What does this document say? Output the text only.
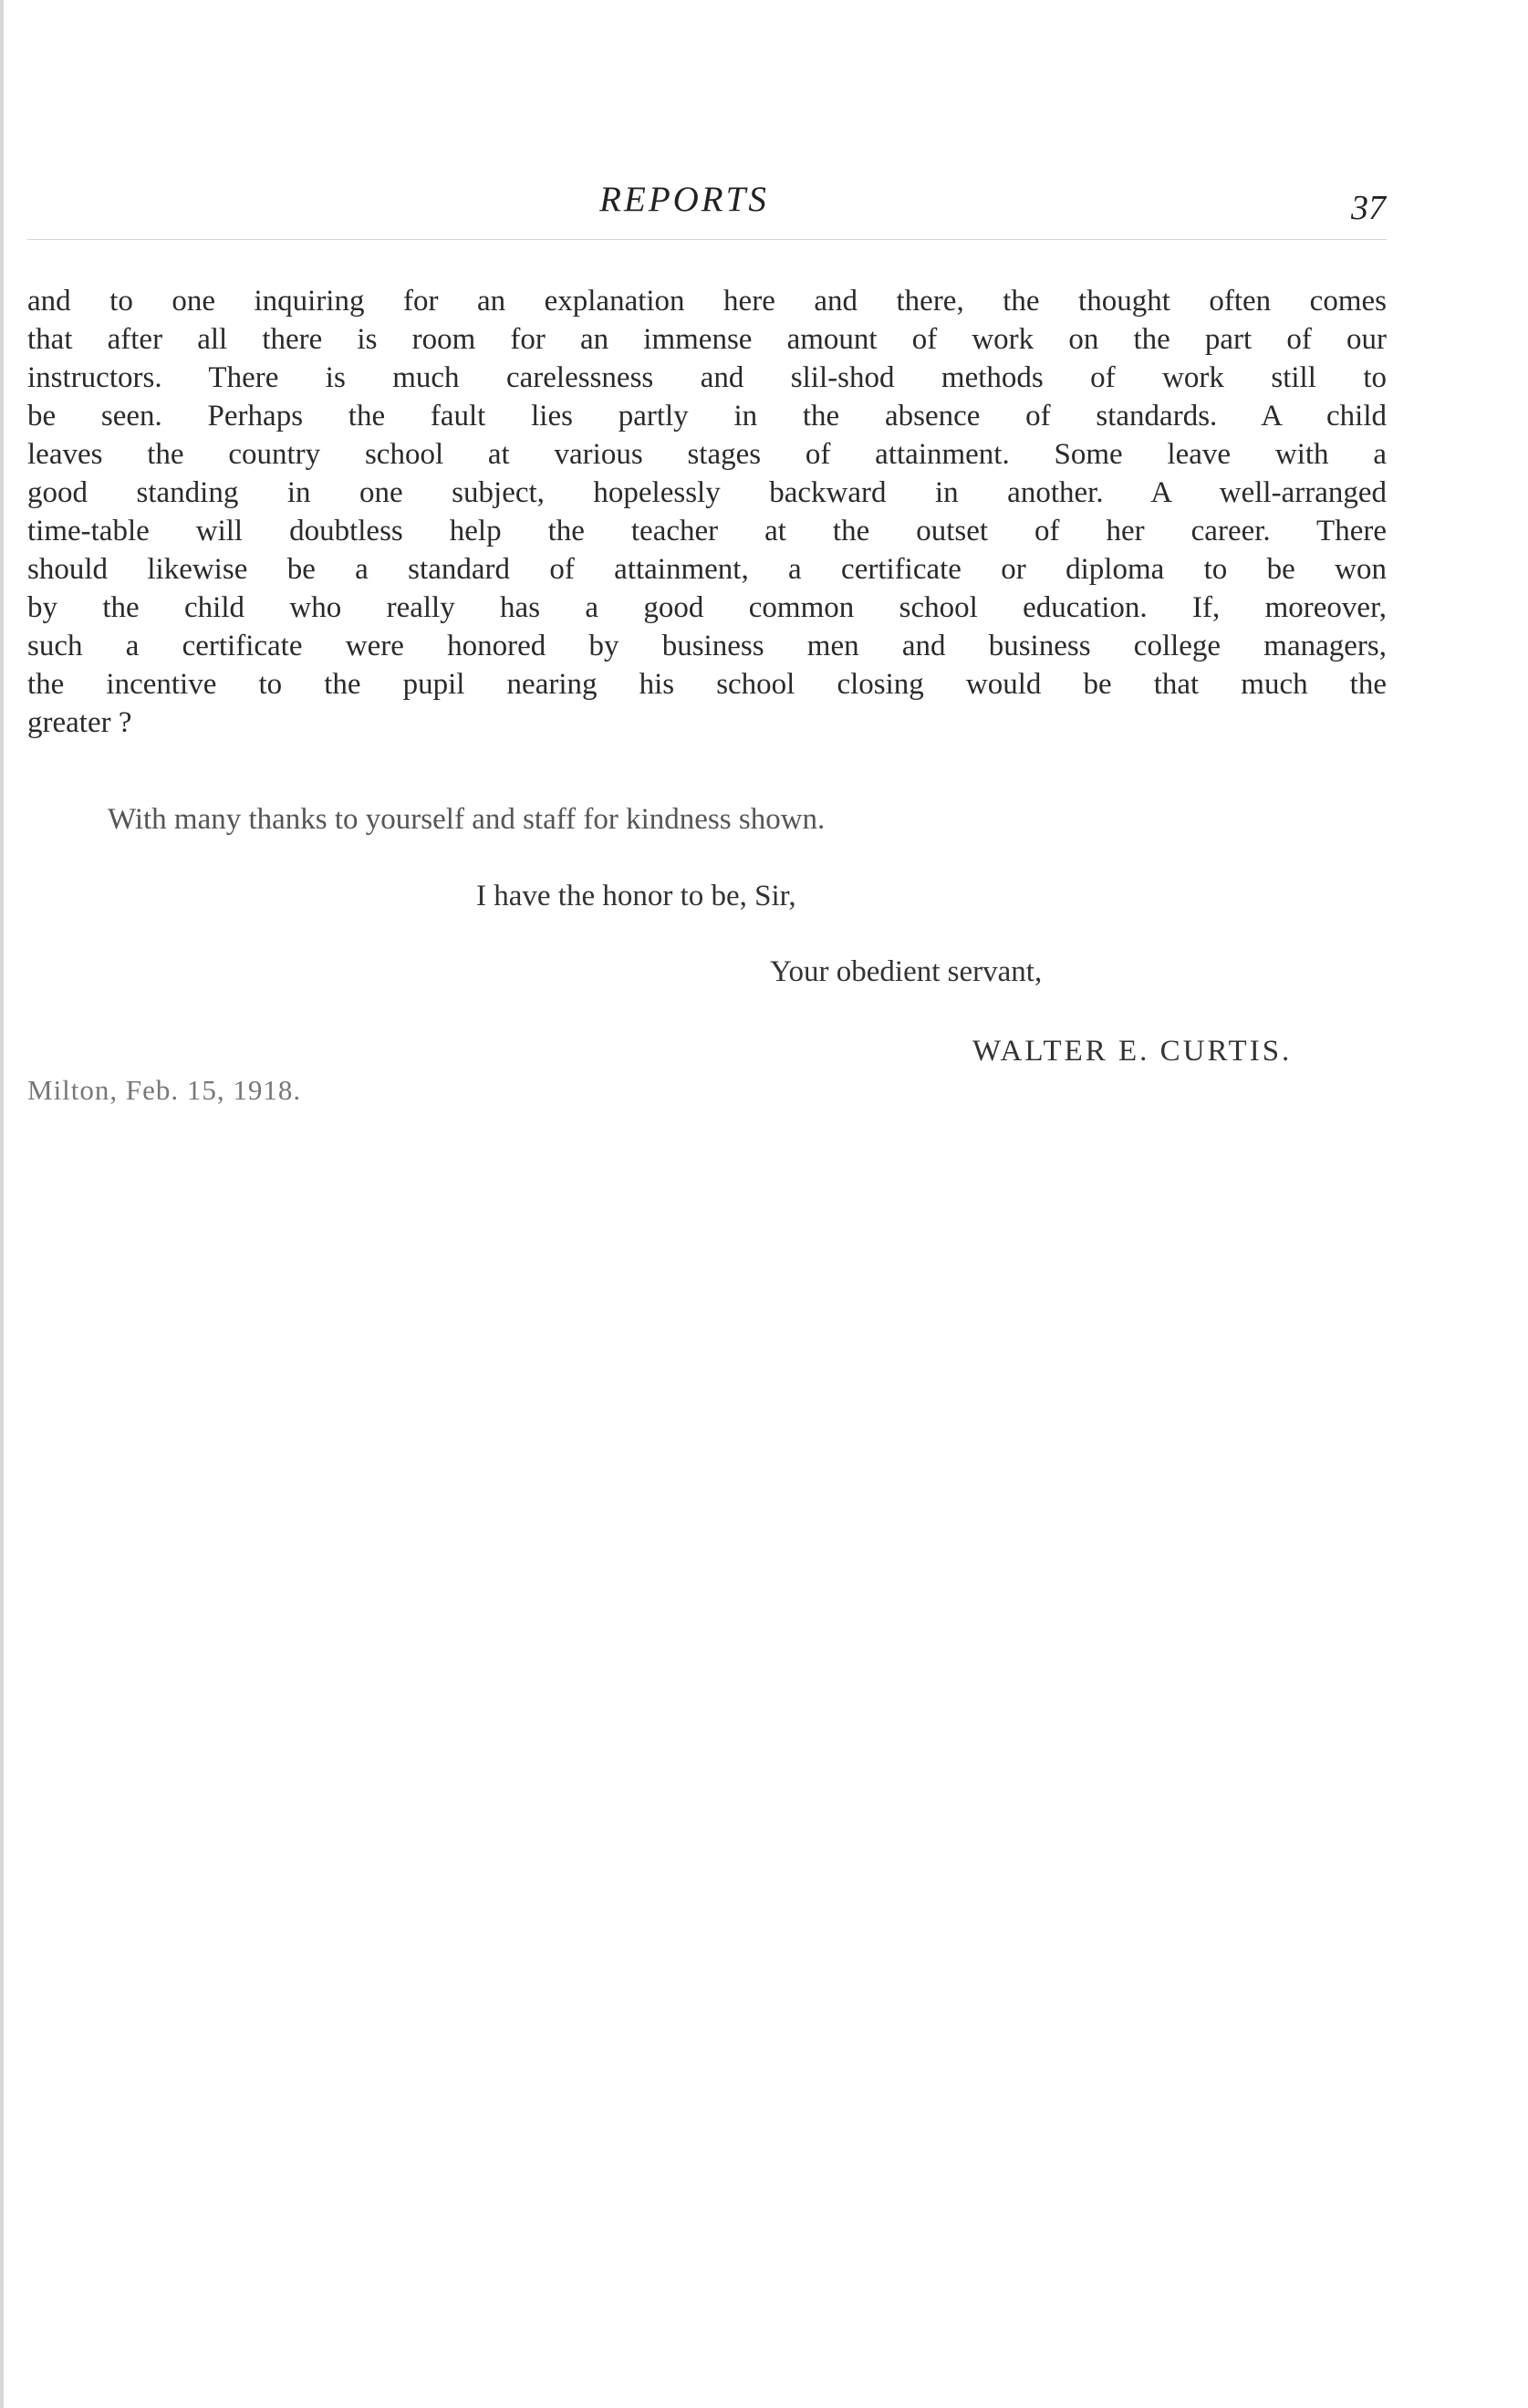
REPORTS	37
and to one inquiring for an explanation here and there, the thought often comes
that after all there is room for an immense amount of work on the part of our
instructors. There is much carelessness and slil-shod methods of work still to
be seen. Perhaps the fault lies partly in the absence of standards. A child
leaves the country school at various stages of attainment. Some leave with a
good standing in one subject, hopelessly backward in another. A well-arranged
time-table will doubtless help the teacher at the outset of her career. There
should likewise be a standard of attainment, a certificate or diploma to be won
by the child who really has a good common school education. If, moreover,
such a certificate were honored by business men and business college managers,
the incentive to the pupil nearing his school closing would be that much the
greater ?
With many thanks to yourself and staff for kindness shown.
I have the honor to be, Sir,
Your obedient servant,
WALTER E. CURTIS.
Milton, Feb. 15, 1918.
